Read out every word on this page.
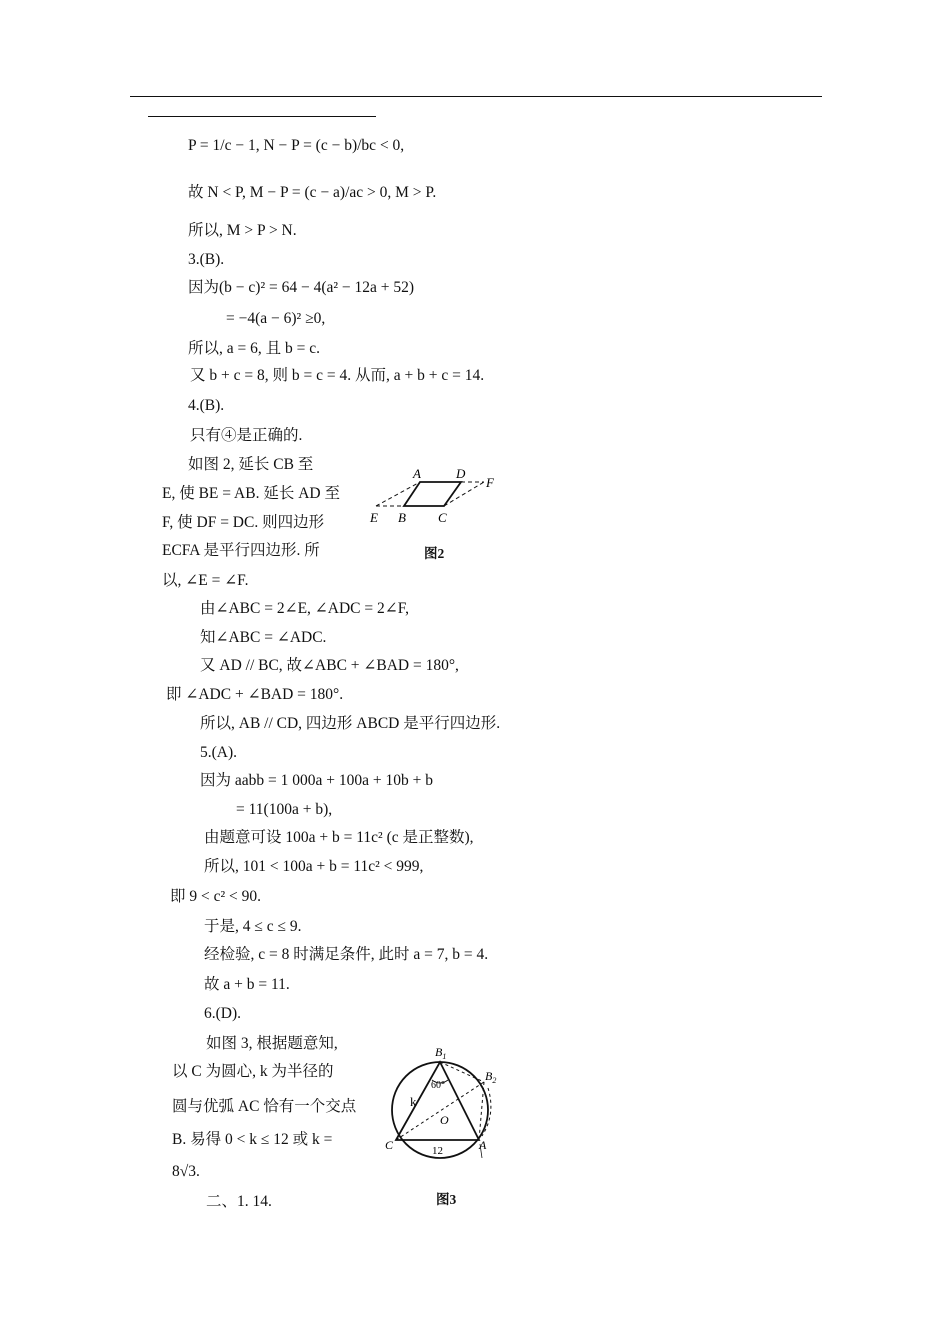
P = 1/c − 1, N − P = (c − b)/bc < 0,
故 N < P, M − P = (c − a)/ac > 0, M > P.
所以, M > P > N.
3.(B).
因为(b − c)² = 64 − 4(a² − 12a + 52)
= −4(a − 6)² ≥0,
所以, a = 6, 且 b = c.
又 b + c = 8, 则 b = c = 4. 从而, a + b + c = 14.
4.(B).
只有④是正确的.
如图 2, 延长 CB 至
E, 使 BE = AB. 延长 AD 至
F, 使 DF = DC. 则四边形
ECFA 是平行四边形. 所
以, ∠E = ∠F.
由∠ABC = 2∠E, ∠ADC = 2∠F,
知∠ABC = ∠ADC.
又 AD // BC, 故∠ABC + ∠BAD = 180°,
即 ∠ADC + ∠BAD = 180°.
所以, AB // CD, 四边形 ABCD 是平行四边形.
5.(A).
因为 aabb = 1 000a + 100a + 10b + b
= 11(100a + b),
由题意可设 100a + b = 11c² (c 是正整数),
所以, 101 < 100a + b = 11c² < 999,
即 9 < c² < 90.
于是, 4 ≤ c ≤ 9.
经检验, c = 8 时满足条件, 此时 a = 7, b = 4.
故 a + b = 11.
6.(D).
如图 3, 根据题意知,
以 C 为圆心, k 为半径的
圆与优弧 AC 恰有一个交点
B. 易得 0 < k ≤ 12 或 k =
8√3.
二、1. 14.
A	D
F
E B C
图2
$B_1$
$B_2$
C	A
O
k
60°
12
图3
